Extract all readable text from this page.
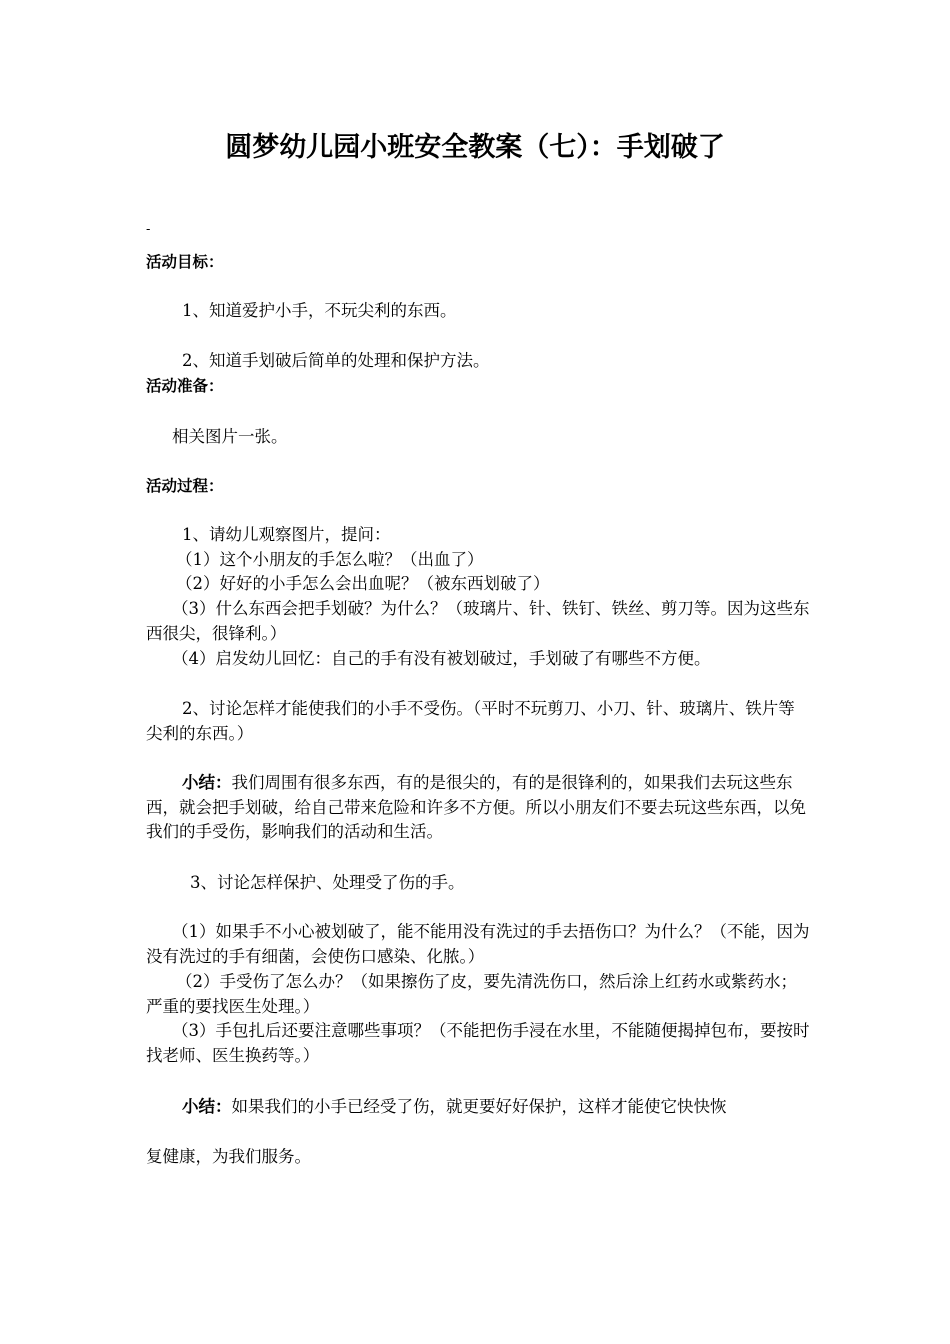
圆梦幼儿园小班安全教案（七）：手划破了
-
活动目标：

1、知道爱护小手，不玩尖利的东西。

2、知道手划破后简单的处理和保护方法。

活动准备：

相关图片一张。

活动过程：

1、请幼儿观察图片，提问：

（1）这个小朋友的手怎么啦？（出血了）

（2）好好的小手怎么会出血呢？（被东西划破了）

（3）什么东西会把手划破？为什么？（玻璃片、针、铁钉、铁丝、剪刀等。因为这些东西很尖，很锋利。）

（4）启发幼儿回忆：自己的手有没有被划破过，手划破了有哪些不方便。

2、讨论怎样才能使我们的小手不受伤。（平时不玩剪刀、小刀、针、玻璃片、铁片等尖利的东西。）

小结：我们周围有很多东西，有的是很尖的，有的是很锋利的，如果我们去玩这些东西，就会把手划破，给自己带来危险和许多不方便。所以小朋友们不要去玩这些东西，以免我们的手受伤，影响我们的活动和生活。

3、讨论怎样保护、处理受了伤的手。

（1）如果手不小心被划破了，能不能用没有洗过的手去捂伤口？为什么？（不能，因为没有洗过的手有细菌，会使伤口感染、化脓。）

（2）手受伤了怎么办？（如果擦伤了皮，要先清洗伤口，然后涂上红药水或紫药水；严重的要找医生处理。）

（3）手包扎后还要注意哪些事项？（不能把伤手浸在水里，不能随便揭掉包布，要按时找老师、医生换药等。）

小结：如果我们的小手已经受了伤，就更要好好保护，这样才能使它快快恢

复健康，为我们服务。
